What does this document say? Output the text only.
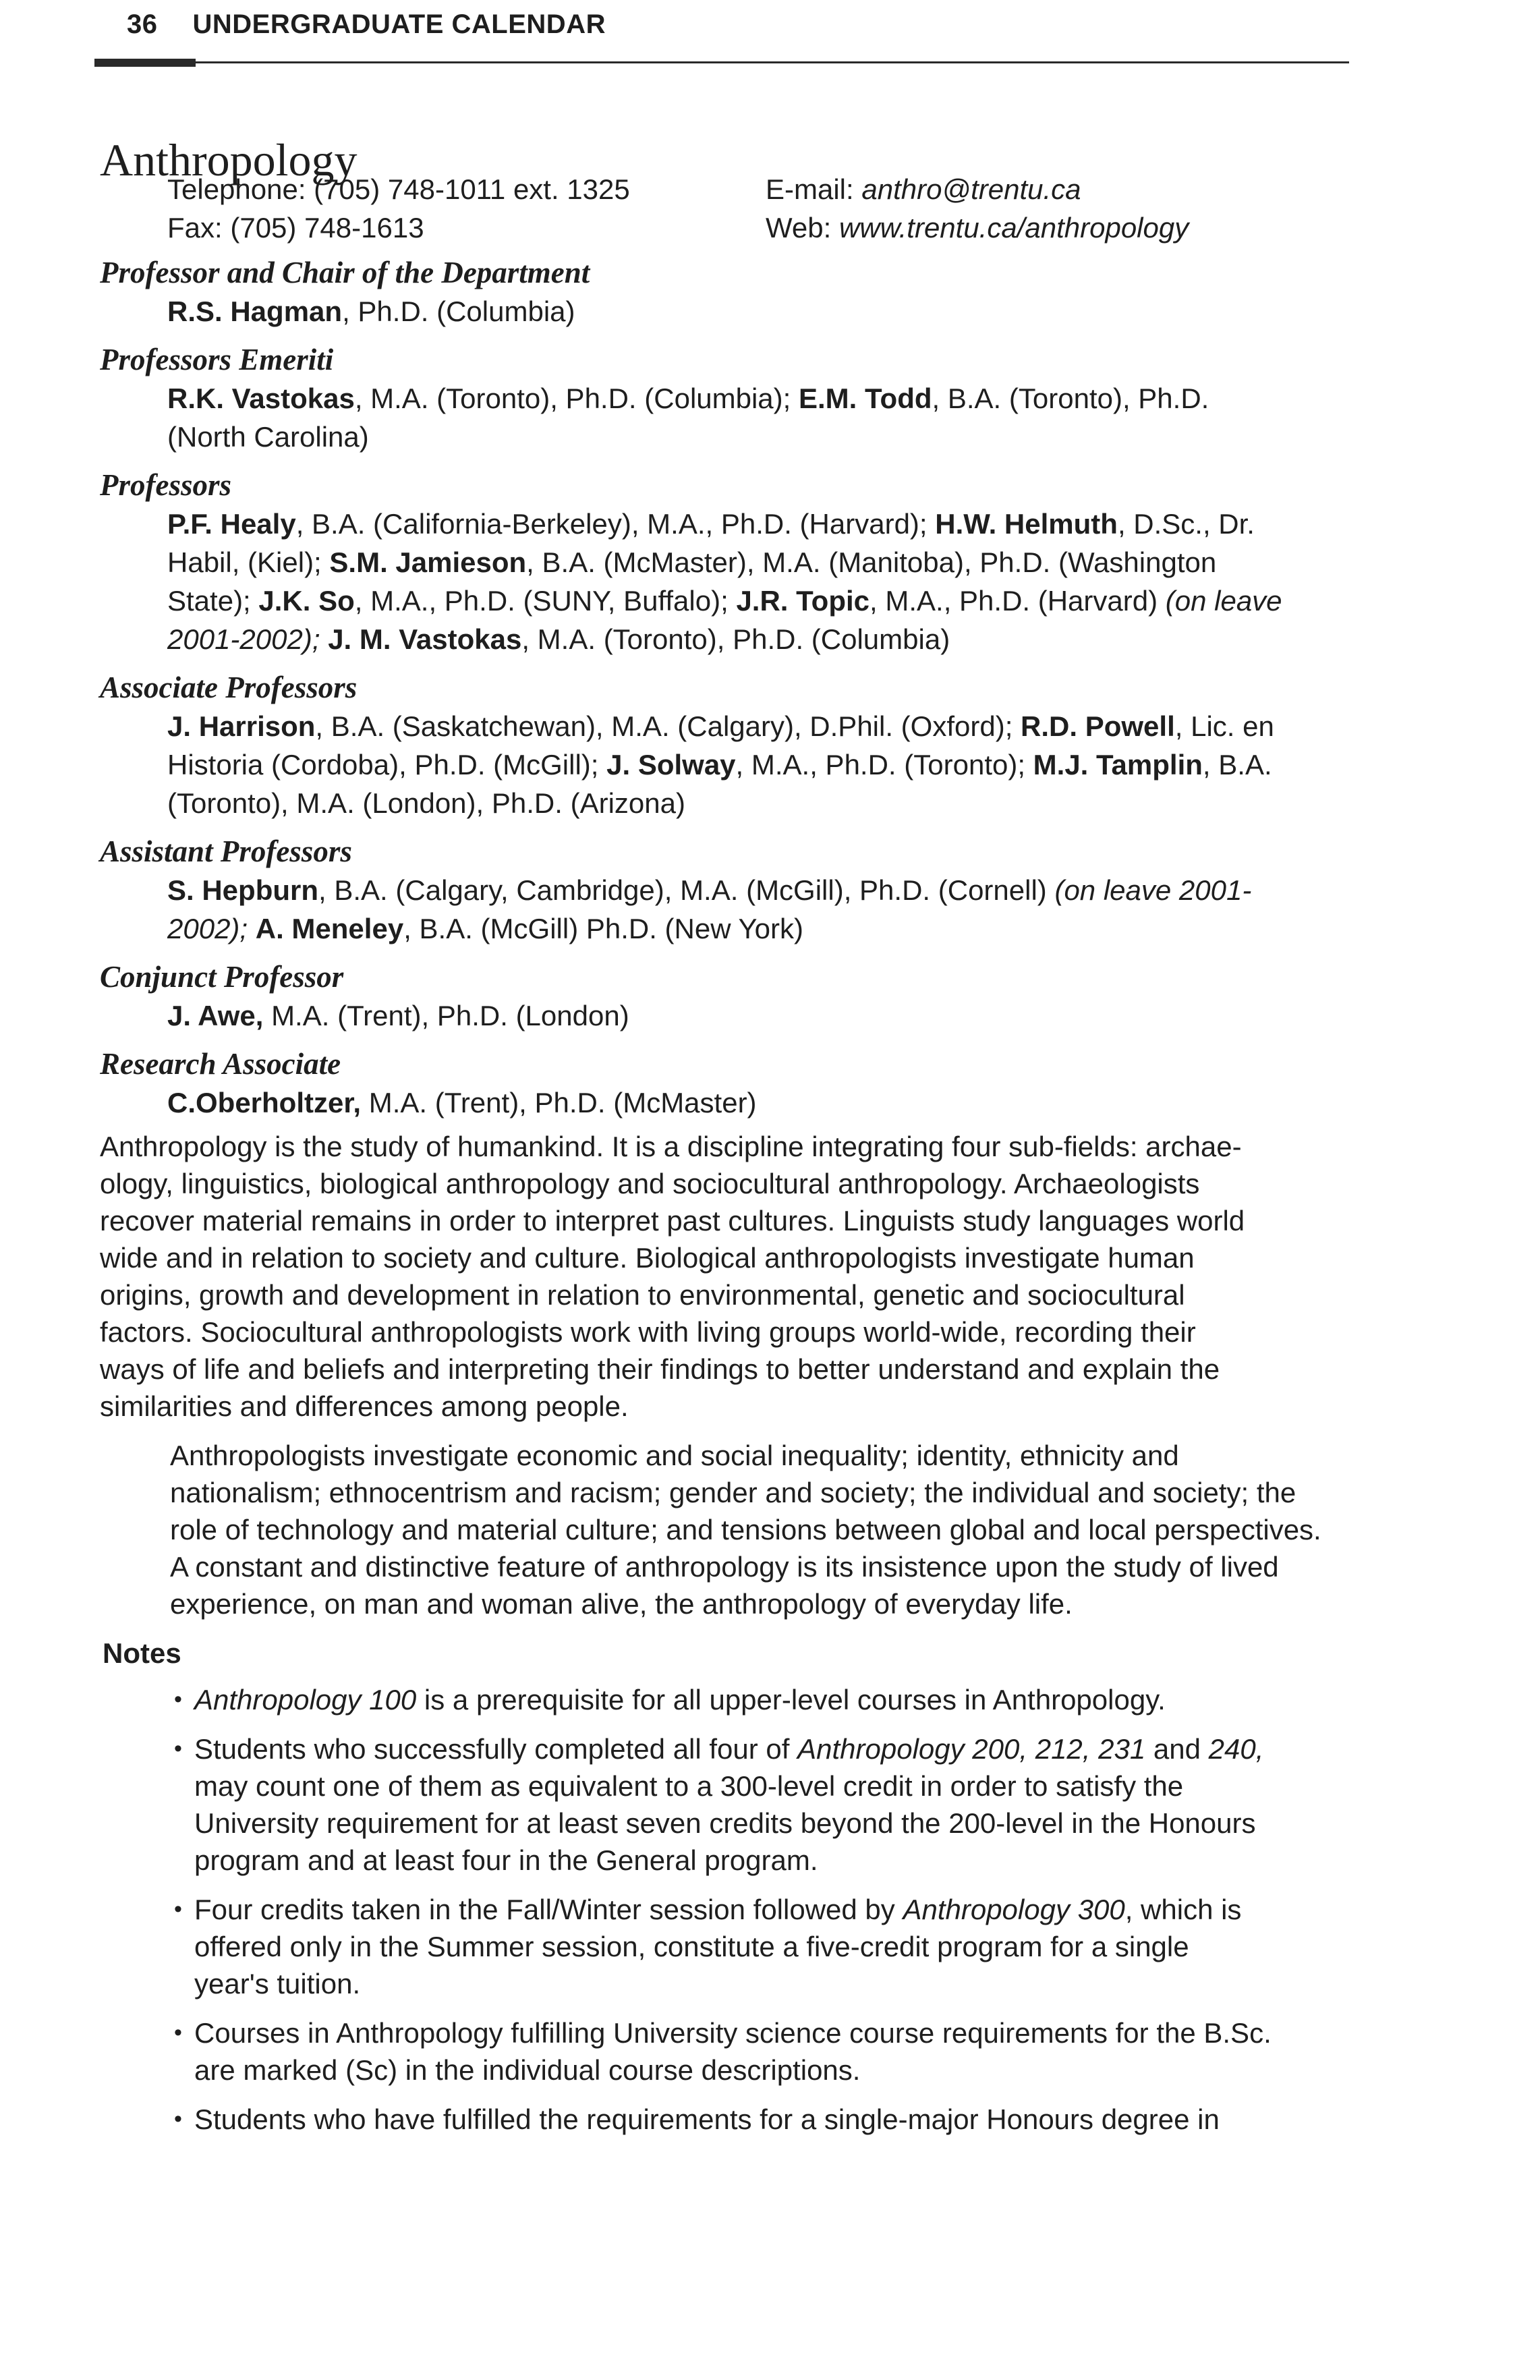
36 UNDERGRADUATE CALENDAR
Anthropology
Telephone: (705) 748-1011 ext. 1325
Fax: (705) 748-1613
E-mail: anthro@trentu.ca
Web: www.trentu.ca/anthropology
Professor and Chair of the Department
R.S. Hagman, Ph.D. (Columbia)
Professors Emeriti
R.K. Vastokas, M.A. (Toronto), Ph.D. (Columbia); E.M. Todd, B.A. (Toronto), Ph.D.
(North Carolina)
Professors
P.F. Healy, B.A. (California-Berkeley), M.A., Ph.D. (Harvard); H.W. Helmuth, D.Sc., Dr.
Habil, (Kiel); S.M. Jamieson, B.A. (McMaster), M.A. (Manitoba), Ph.D. (Washington
State); J.K. So, M.A., Ph.D. (SUNY, Buffalo); J.R. Topic, M.A., Ph.D. (Harvard) (on leave
2001-2002); J. M. Vastokas, M.A. (Toronto), Ph.D. (Columbia)
Associate Professors
J. Harrison, B.A. (Saskatchewan), M.A. (Calgary), D.Phil. (Oxford); R.D. Powell, Lic. en
Historia (Cordoba), Ph.D. (McGill); J. Solway, M.A., Ph.D. (Toronto); M.J. Tamplin, B.A.
(Toronto), M.A. (London), Ph.D. (Arizona)
Assistant Professors
S. Hepburn, B.A. (Calgary, Cambridge), M.A. (McGill), Ph.D. (Cornell) (on leave 2001-
2002); A. Meneley, B.A. (McGill) Ph.D. (New York)
Conjunct Professor
J. Awe, M.A. (Trent), Ph.D. (London)
Research Associate
C.Oberholtzer, M.A. (Trent), Ph.D. (McMaster)
Anthropology is the study of humankind. It is a discipline integrating four sub-fields: archae-
ology, linguistics, biological anthropology and sociocultural anthropology. Archaeologists
recover material remains in order to interpret past cultures. Linguists study languages world
wide and in relation to society and culture. Biological anthropologists investigate human
origins, growth and development in relation to environmental, genetic and sociocultural
factors. Sociocultural anthropologists work with living groups world-wide, recording their
ways of life and beliefs and interpreting their findings to better understand and explain the
similarities and differences among people.
Anthropologists investigate economic and social inequality; identity, ethnicity and
nationalism; ethnocentrism and racism; gender and society; the individual and society; the
role of technology and material culture; and tensions between global and local perspectives.
A constant and distinctive feature of anthropology is its insistence upon the study of lived
experience, on man and woman alive, the anthropology of everyday life.
Notes
• Anthropology 100 is a prerequisite for all upper-level courses in Anthropology.
• Students who successfully completed all four of Anthropology 200, 212, 231 and 240,
may count one of them as equivalent to a 300-level credit in order to satisfy the
University requirement for at least seven credits beyond the 200-level in the Honours
program and at least four in the General program.
• Four credits taken in the Fall/Winter session followed by Anthropology 300, which is
offered only in the Summer session, constitute a five-credit program for a single
year's tuition.
• Courses in Anthropology fulfilling University science course requirements for the B.Sc.
are marked (Sc) in the individual course descriptions.
• Students who have fulfilled the requirements for a single-major Honours degree in
